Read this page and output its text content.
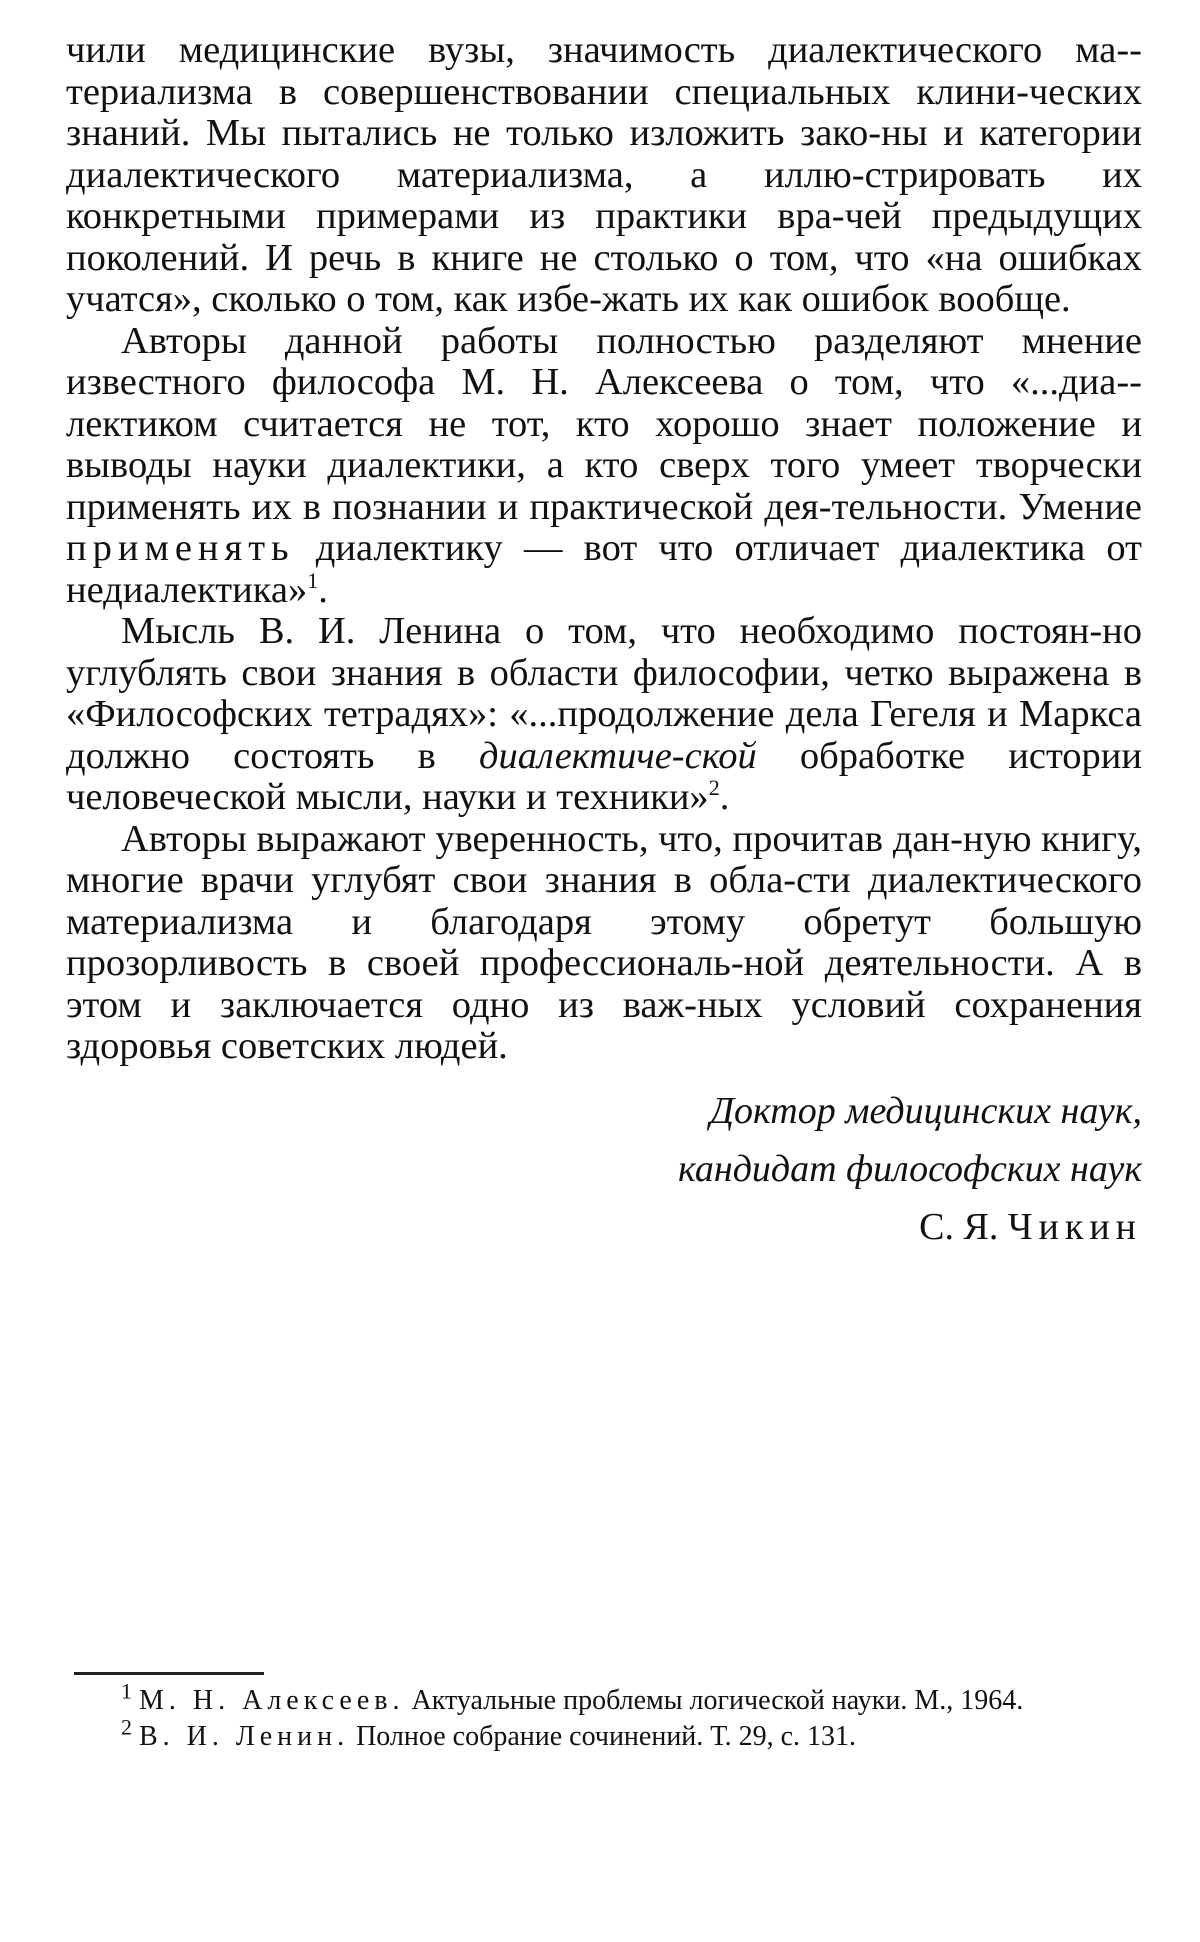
чили медицинские вузы, значимость диалектического ма-териализма в совершенствовании специальных клини-ческих знаний. Мы пытались не только изложить зако-ны и категории диалектического материализма, а иллю-стрировать их конкретными примерами из практики вра-чей предыдущих поколений. И речь в книге не столько о том, что «на ошибках учатся», сколько о том, как избе-жать их как ошибок вообще.

Авторы данной работы полностью разделяют мнение известного философа М. Н. Алексеева о том, что «...диа-лектиком считается не тот, кто хорошо знает положение и выводы науки диалектики, а кто сверх того умеет творчески применять их в познании и практической дея-тельности. Умение применять диалектику — вот что отличает диалектика от недиалектика»$^1$.

Мысль В. И. Ленина о том, что необходимо постоян-но углублять свои знания в области философии, четко выражена в «Философских тетрадях»: «...продолжение дела Гегеля и Маркса должно состоять в диалектиче-ской обработке истории человеческой мысли, науки и техники»$^2$.

Авторы выражают уверенность, что, прочитав дан-ную книгу, многие врачи углубят свои знания в обла-сти диалектического материализма и благодаря этому обретут большую прозорливость в своей профессиональ-ной деятельности. А в этом и заключается одно из важ-ных условий сохранения здоровья советских людей.

Доктор медицинских наук,
кандидат философских наук
С. Я. Чикин

$^1$ М. Н. Алексеев. Актуальные проблемы логической науки. М., 1964.

$^2$ В. И. Ленин. Полное собрание сочинений. Т. 29, с. 131.
